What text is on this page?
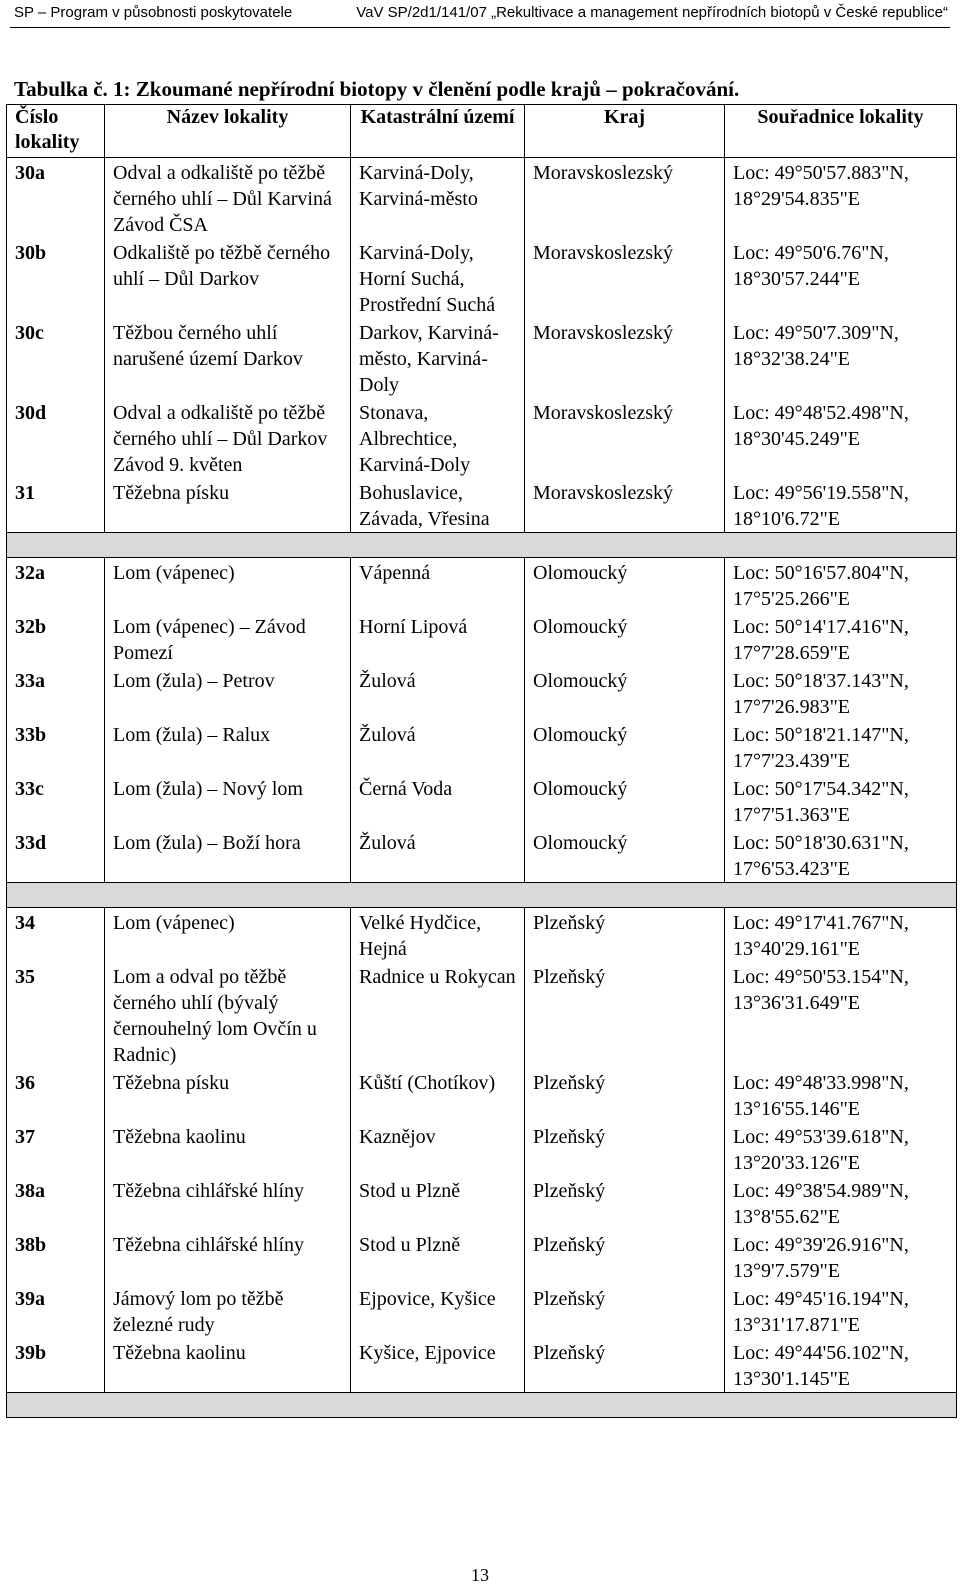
SP – Program v působnosti poskytovatele	VaV SP/2d1/141/07 „Rekultivace a management nepřírodních biotopů v České republice“
Tabulka č. 1: Zkoumané nepřírodní biotopy v členění podle krajů – pokračování.
Číslo lokality	Název lokality	Katastrální území	Kraj	Souřadnice lokality
30a	Odval a odkaliště po těžbě černého uhlí – Důl Karviná Závod ČSA	Karviná-Doly, Karviná-město	Moravskoslezský	Loc: 49°50'57.883"N, 18°29'54.835"E
30b	Odkaliště po těžbě černého uhlí – Důl Darkov	Karviná-Doly, Horní Suchá, Prostřední Suchá	Moravskoslezský	Loc: 49°50'6.76"N, 18°30'57.244"E
30c	Těžbou černého uhlí narušené území Darkov	Darkov, Karviná-město, Karviná-Doly	Moravskoslezský	Loc: 49°50'7.309"N, 18°32'38.24"E
30d	Odval a odkaliště po těžbě černého uhlí – Důl Darkov Závod 9. květen	Stonava, Albrechtice, Karviná-Doly	Moravskoslezský	Loc: 49°48'52.498"N, 18°30'45.249"E
31	Těžebna písku	Bohuslavice, Závada, Vřesina	Moravskoslezský	Loc: 49°56'19.558"N, 18°10'6.72"E

32a	Lom (vápenec)	Vápenná	Olomoucký	Loc: 50°16'57.804"N, 17°5'25.266"E
32b	Lom (vápenec) – Závod Pomezí	Horní Lipová	Olomoucký	Loc: 50°14'17.416"N, 17°7'28.659"E
33a	Lom (žula) – Petrov	Žulová	Olomoucký	Loc: 50°18'37.143"N, 17°7'26.983"E
33b	Lom (žula) – Ralux	Žulová	Olomoucký	Loc: 50°18'21.147"N, 17°7'23.439"E
33c	Lom (žula) – Nový lom	Černá Voda	Olomoucký	Loc: 50°17'54.342"N, 17°7'51.363"E
33d	Lom (žula) – Boží hora	Žulová	Olomoucký	Loc: 50°18'30.631"N, 17°6'53.423"E

34	Lom (vápenec)	Velké Hydčice, Hejná	Plzeňský	Loc: 49°17'41.767"N, 13°40'29.161"E
35	Lom a odval po těžbě černého uhlí (bývalý černouhelný lom Ovčín u Radnic)	Radnice u Rokycan	Plzeňský	Loc: 49°50'53.154"N, 13°36'31.649"E
36	Těžebna písku	Kůští (Chotíkov)	Plzeňský	Loc: 49°48'33.998"N, 13°16'55.146"E
37	Těžebna kaolinu	Kaznějov	Plzeňský	Loc: 49°53'39.618"N, 13°20'33.126"E
38a	Těžebna cihlářské hlíny	Stod u Plzně	Plzeňský	Loc: 49°38'54.989"N, 13°8'55.62"E
38b	Těžebna cihlářské hlíny	Stod u Plzně	Plzeňský	Loc: 49°39'26.916"N, 13°9'7.579"E
39a	Jámový lom po těžbě železné rudy	Ejpovice, Kyšice	Plzeňský	Loc: 49°45'16.194"N, 13°31'17.871"E
39b	Těžebna kaolinu	Kyšice, Ejpovice	Plzeňský	Loc: 49°44'56.102"N, 13°30'1.145"E

13
